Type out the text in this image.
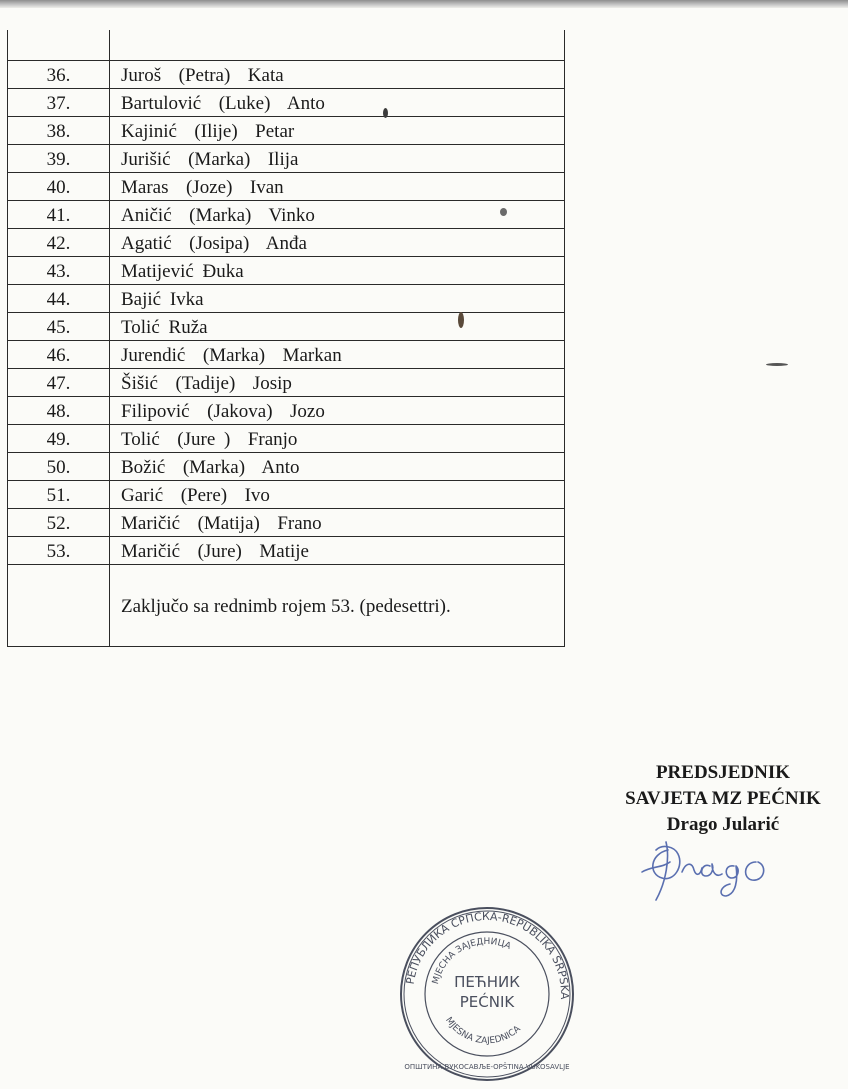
36.	Juroš  (Petra)  Kata
37.	Bartulović  (Luke)  Anto
38.	Kajinić  (Ilije)  Petar
39.	Jurišić  (Marka)  Ilija
40.	Maras  (Joze)  Ivan
41.	Aničić  (Marka)  Vinko
42.	Agatić  (Josipa)  Anđa
43.	Matijević Đuka
44.	Bajić Ivka
45.	Tolić Ruža
46.	Jurendić  (Marka)  Markan
47.	Šišić  (Tadije)  Josip
48.	Filipović  (Jakova)  Jozo
49.	Tolić  (Jure )  Franjo
50.	Božić  (Marka)  Anto
51.	Garić  (Pere)  Ivo
52.	Maričić  (Matija)  Frano
53.	Maričić  (Jure)  Matije
Zaključo sa rednimb rojem 53. (pedesettri).
PREDSJEDNIK
SAVJETA MZ PEĆNIK
Drago Jularić
РЕПУБЛИКА СРПСКА-REPUBLIKA SRPSKA
МЈЕСНА ЗАЈЕДНИЦА
ПЕЋНИК
PEĆNIK
MJESNA ZAJEDNICA
ОПШТИНА ВУКОСАВЉЕ-OPŠTINA VUKOSAVLJE
